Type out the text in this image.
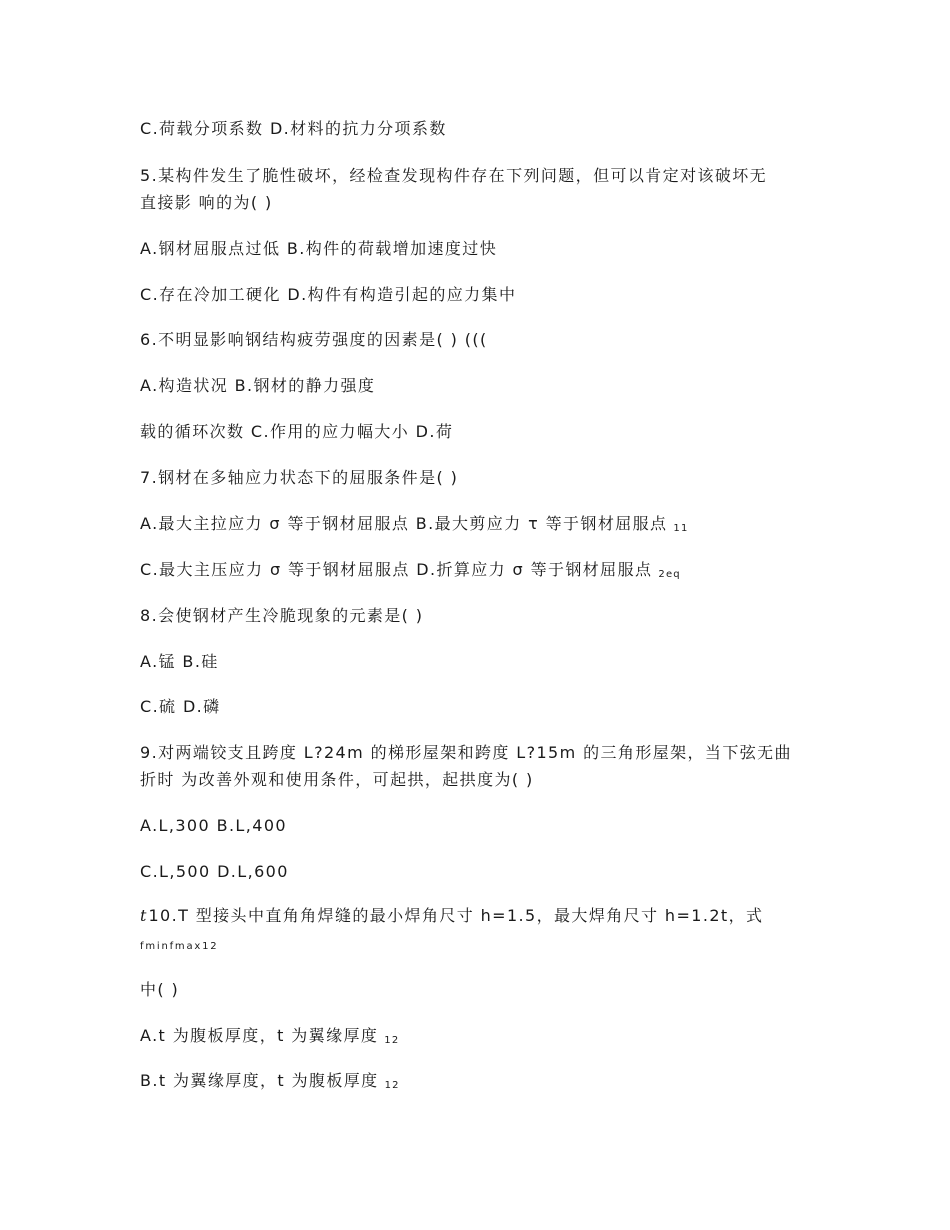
C.荷载分项系数 D.材料的抗力分项系数
5.某构件发生了脆性破坏，经检查发现构件存在下列问题，但可以肯定对该破坏无
直接影 响的为( )
A.钢材屈服点过低 B.构件的荷载增加速度过快
C.存在冷加工硬化 D.构件有构造引起的应力集中
6.不明显影响钢结构疲劳强度的因素是( ) (((
A.构造状况 B.钢材的静力强度
载的循环次数 C.作用的应力幅大小 D.荷
7.钢材在多轴应力状态下的屈服条件是( )
A.最大主拉应力 σ 等于钢材屈服点 B.最大剪应力 τ 等于钢材屈服点 $_{11}$
C.最大主压应力 σ 等于钢材屈服点 D.折算应力 σ 等于钢材屈服点 $_{2eq}$
8.会使钢材产生冷脆现象的元素是( )
A.锰 B.硅
C.硫 D.磷
9.对两端铰支且跨度 L?24m 的梯形屋架和跨度 L?15m 的三角形屋架，当下弦无曲
折时 为改善外观和使用条件，可起拱，起拱度为( )
A.L,300 B.L,400
C.L,500 D.L,600
t 10.T 型接头中直角角焊缝的最小焊角尺寸 h=1.5，最大焊角尺寸 h=1.2t，式
fminfmax12
中( )
A.t 为腹板厚度，t 为翼缘厚度 $_{12}$
B.t 为翼缘厚度，t 为腹板厚度 $_{12}$
